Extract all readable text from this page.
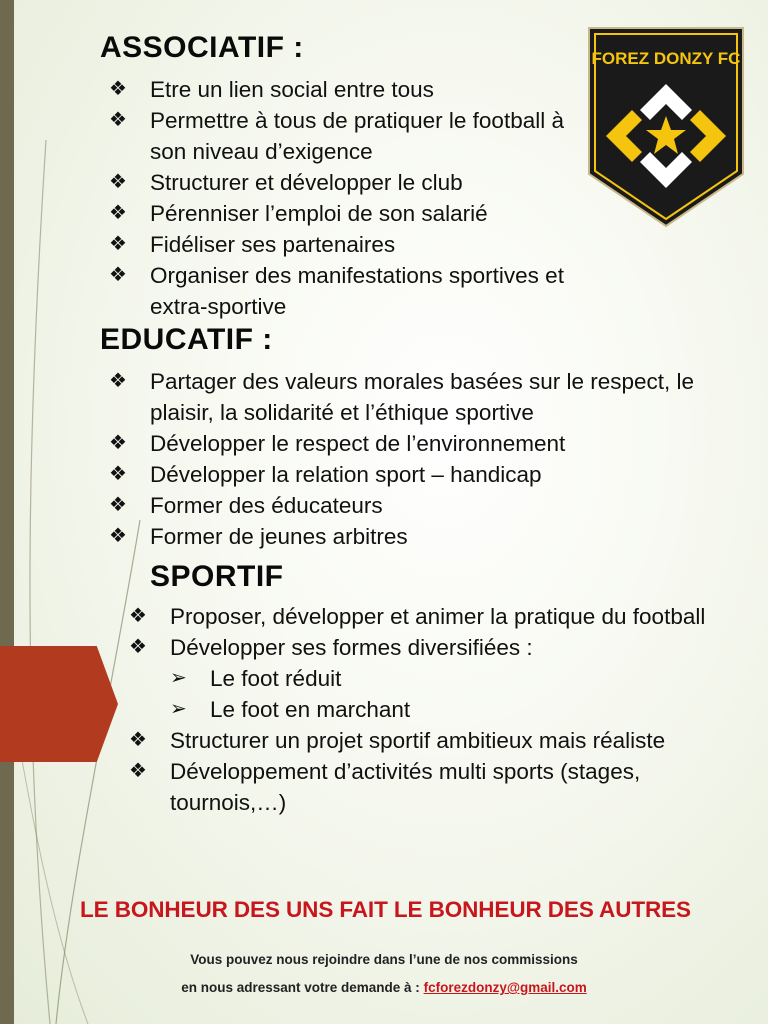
FOREZ DONZY FC
ASSOCIATIF :
❖	Etre un lien social entre tous
❖	Permettre à tous de pratiquer le football à son niveau d’exigence
❖	Structurer et développer le club
❖	Pérenniser l’emploi de son salarié
❖	Fidéliser ses partenaires
❖	Organiser des manifestations sportives et extra-sportive
EDUCATIF :
❖	Partager des valeurs morales basées sur le respect, le plaisir, la solidarité et l’éthique sportive
❖	Développer le respect de l’environnement
❖	Développer la relation sport – handicap
❖	Former des éducateurs
❖	Former de jeunes arbitres
SPORTIF
❖	Proposer, développer et animer la pratique du football
❖	Développer ses formes diversifiées :
➢ Le foot réduit
➢ Le foot en marchant
❖	Structurer un projet sportif ambitieux mais réaliste
❖	Développement d’activités multi sports (stages, tournois,…)

LE BONHEUR DES UNS FAIT LE BONHEUR DES AUTRES

Vous pouvez nous rejoindre dans l’une de nos commissions

en nous adressant votre demande à : fcforezdonzy@gmail.com
